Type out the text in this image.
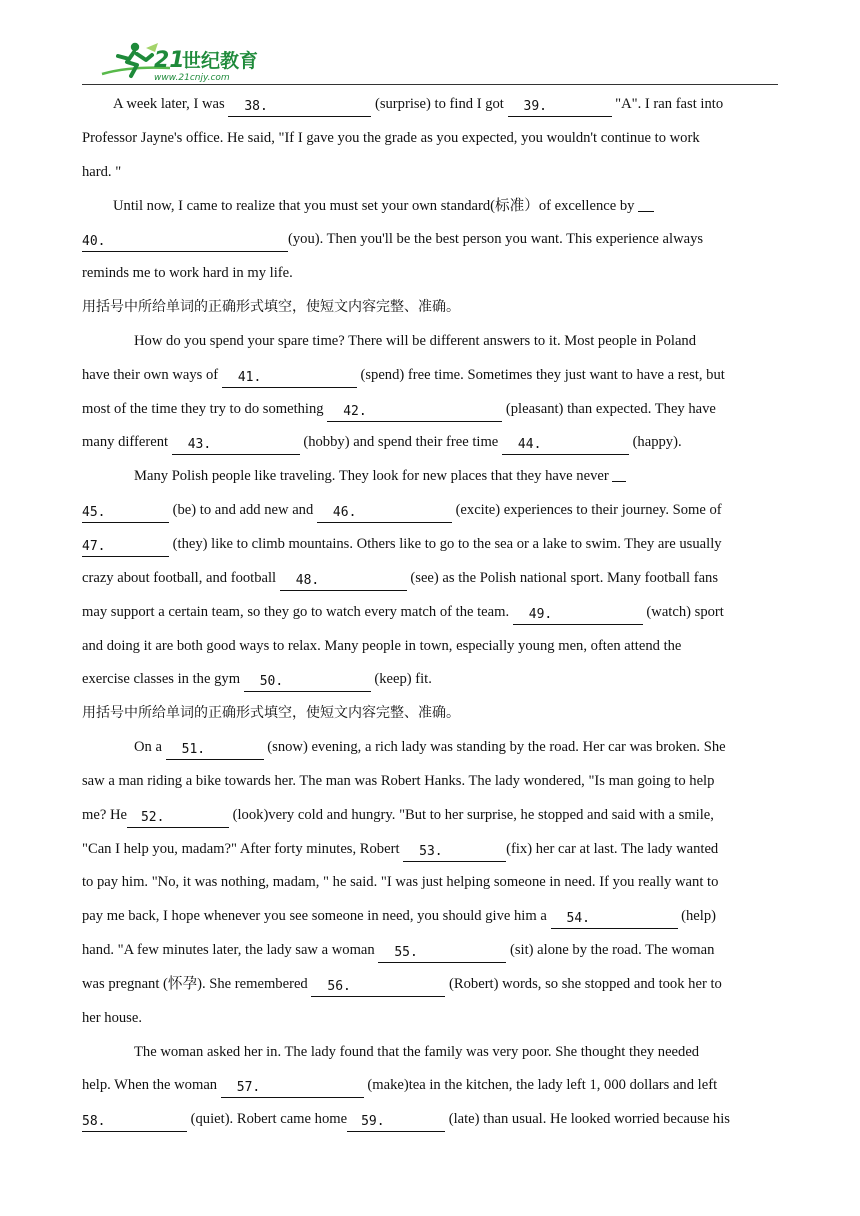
21
世纪教育
www.21cnjy.com
A week later, I was 38.	(surprise) to find I got 39.	"A". I ran fast into
Professor Jayne's office. He said, "If I gave you the grade as you expected, you wouldn't continue to work
hard. "
Until now, I came to realize that you must set your own standard(标准）of excellence by
40.	(you). Then you'll be the best person you want. This experience always
reminds me to work hard in my life.
用括号中所给单词的正确形式填空，使短文内容完整、准确。
How do you spend your spare time? There will be different answers to it. Most people in Poland
have their own ways of 41.	(spend) free time. Sometimes they just want to have a rest, but
most of the time they try to do something 42.	(pleasant) than expected. They have
many different 43.	(hobby) and spend their free time 44.	(happy).
Many Polish people like traveling. They look for new places that they have never
45.	(be) to and add new and 46.	(excite) experiences to their journey. Some of
47.	(they) like to climb mountains. Others like to go to the sea or a lake to swim. They are usually
crazy about football, and football 48.	(see) as the Polish national sport. Many football fans
may support a certain team, so they go to watch every match of the team. 49.	(watch) sport
and doing it are both good ways to relax. Many people in town, especially young men, often attend the
exercise classes in the gym 50.	(keep) fit.
用括号中所给单词的正确形式填空，使短文内容完整、准确。
On a 51.	(snow) evening, a rich lady was standing by the road. Her car was broken. She
saw a man riding a bike towards her. The man was Robert Hanks. The lady wondered, "Is man going to help
me? He 52.	(look)very cold and hungry. "But to her surprise, he stopped and said with a smile,
"Can I help you, madam?" After forty minutes, Robert 53.	(fix) her car at last. The lady wanted
to pay him. "No, it was nothing, madam, " he said. "I was just helping someone in need. If you really want to
pay me back, I hope whenever you see someone in need, you should give him a 54.	(help)
hand. "A few minutes later, the lady saw a woman 55.	(sit) alone by the road. The woman
was pregnant (怀孕). She remembered 56.	(Robert) words, so she stopped and took her to
her house.
The woman asked her in. The lady found that the family was very poor. She thought they needed
help. When the woman 57.	(make)tea in the kitchen, the lady left 1, 000 dollars and left
58.	(quiet). Robert came home 59.	(late) than usual. He looked worried because his
